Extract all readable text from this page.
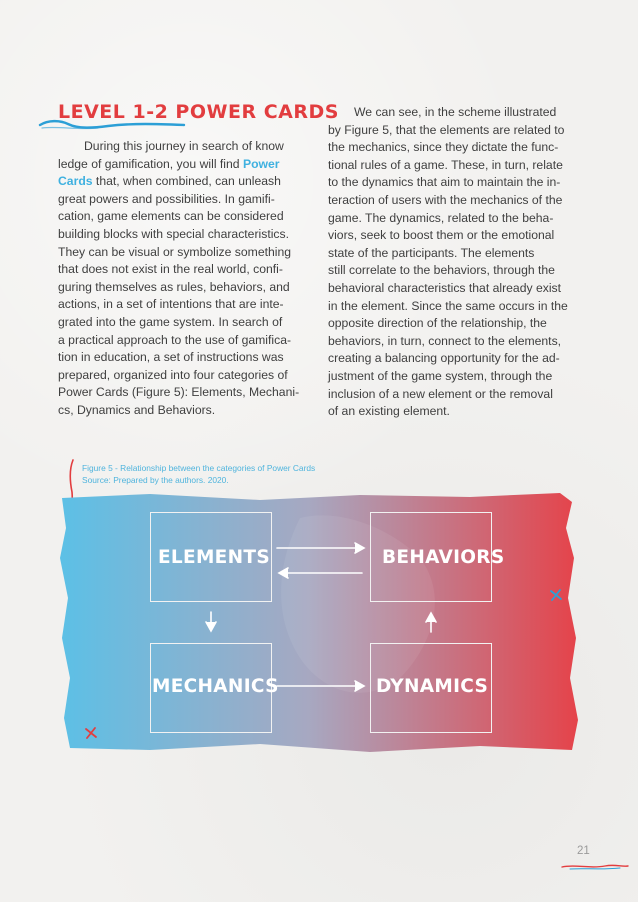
LEVEL 1-2 POWER CARDS
During this journey in search of know
ledge of gamification, you will find Power
Cards that, when combined, can unleash
great powers and possibilities. In gamifi-
cation, game elements can be considered
building blocks with special characteristics.
They can be visual or symbolize something
that does not exist in the real world, confi-
guring themselves as rules, behaviors, and
actions, in a set of intentions that are inte-
grated into the game system. In search of
a practical approach to the use of gamifica-
tion in education, a set of instructions was
prepared, organized into four categories of
Power Cards (Figure 5): Elements, Mechani-
cs, Dynamics and Behaviors.
We can see, in the scheme illustrated
by Figure 5, that the elements are related to
the mechanics, since they dictate the func-
tional rules of a game. These, in turn, relate
to the dynamics that aim to maintain the in-
teraction of users with the mechanics of the
game. The dynamics, related to the beha-
viors, seek to boost them or the emotional
state of the participants. The elements
still correlate to the behaviors, through the
behavioral characteristics that already exist
in the element. Since the same occurs in the
opposite direction of the relationship, the
behaviors, in turn, connect to the elements,
creating a balancing opportunity for the ad-
justment of the game system, through the
inclusion of a new element or the removal
of an existing element.
Figure 5 - Relationship between the categories of Power Cards
Source: Prepared by the authors. 2020.
ELEMENTS	BEHAVIORS
MECHANICS	DYNAMICS
21
